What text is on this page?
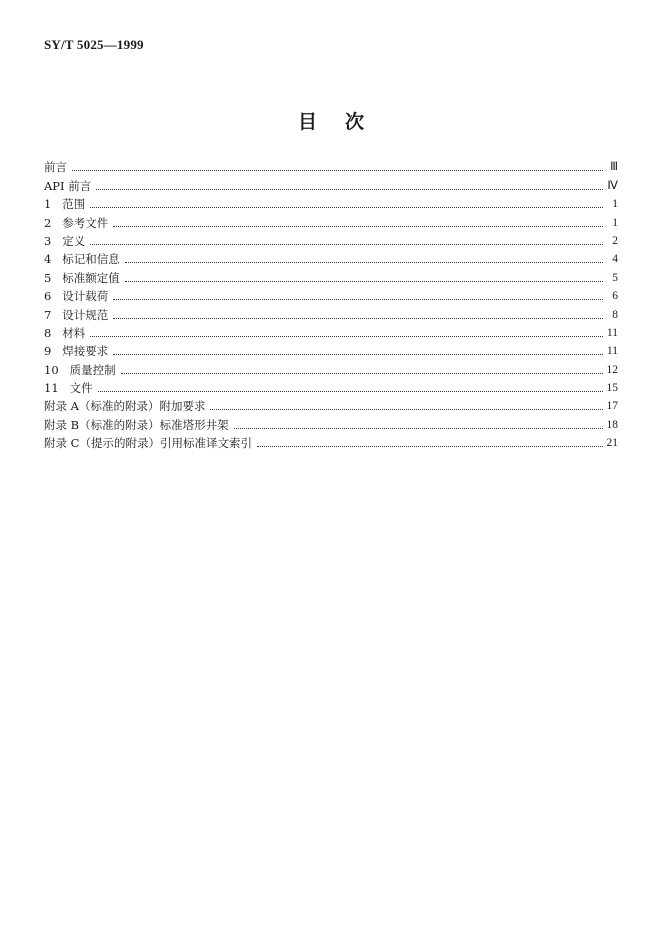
SY/T 5025—1999
目 次
前言	Ⅲ
API 前言	Ⅳ
1   范围	1
2   参考文件	1
3   定义	2
4   标记和信息	4
5   标准额定值	5
6   设计载荷	6
7   设计规范	8
8   材料	11
9   焊接要求	11
10   质量控制	12
11   文件	15
附录 A（标准的附录）附加要求	17
附录 B（标准的附录）标准塔形井架	18
附录 C（提示的附录）引用标准译文索引	21
